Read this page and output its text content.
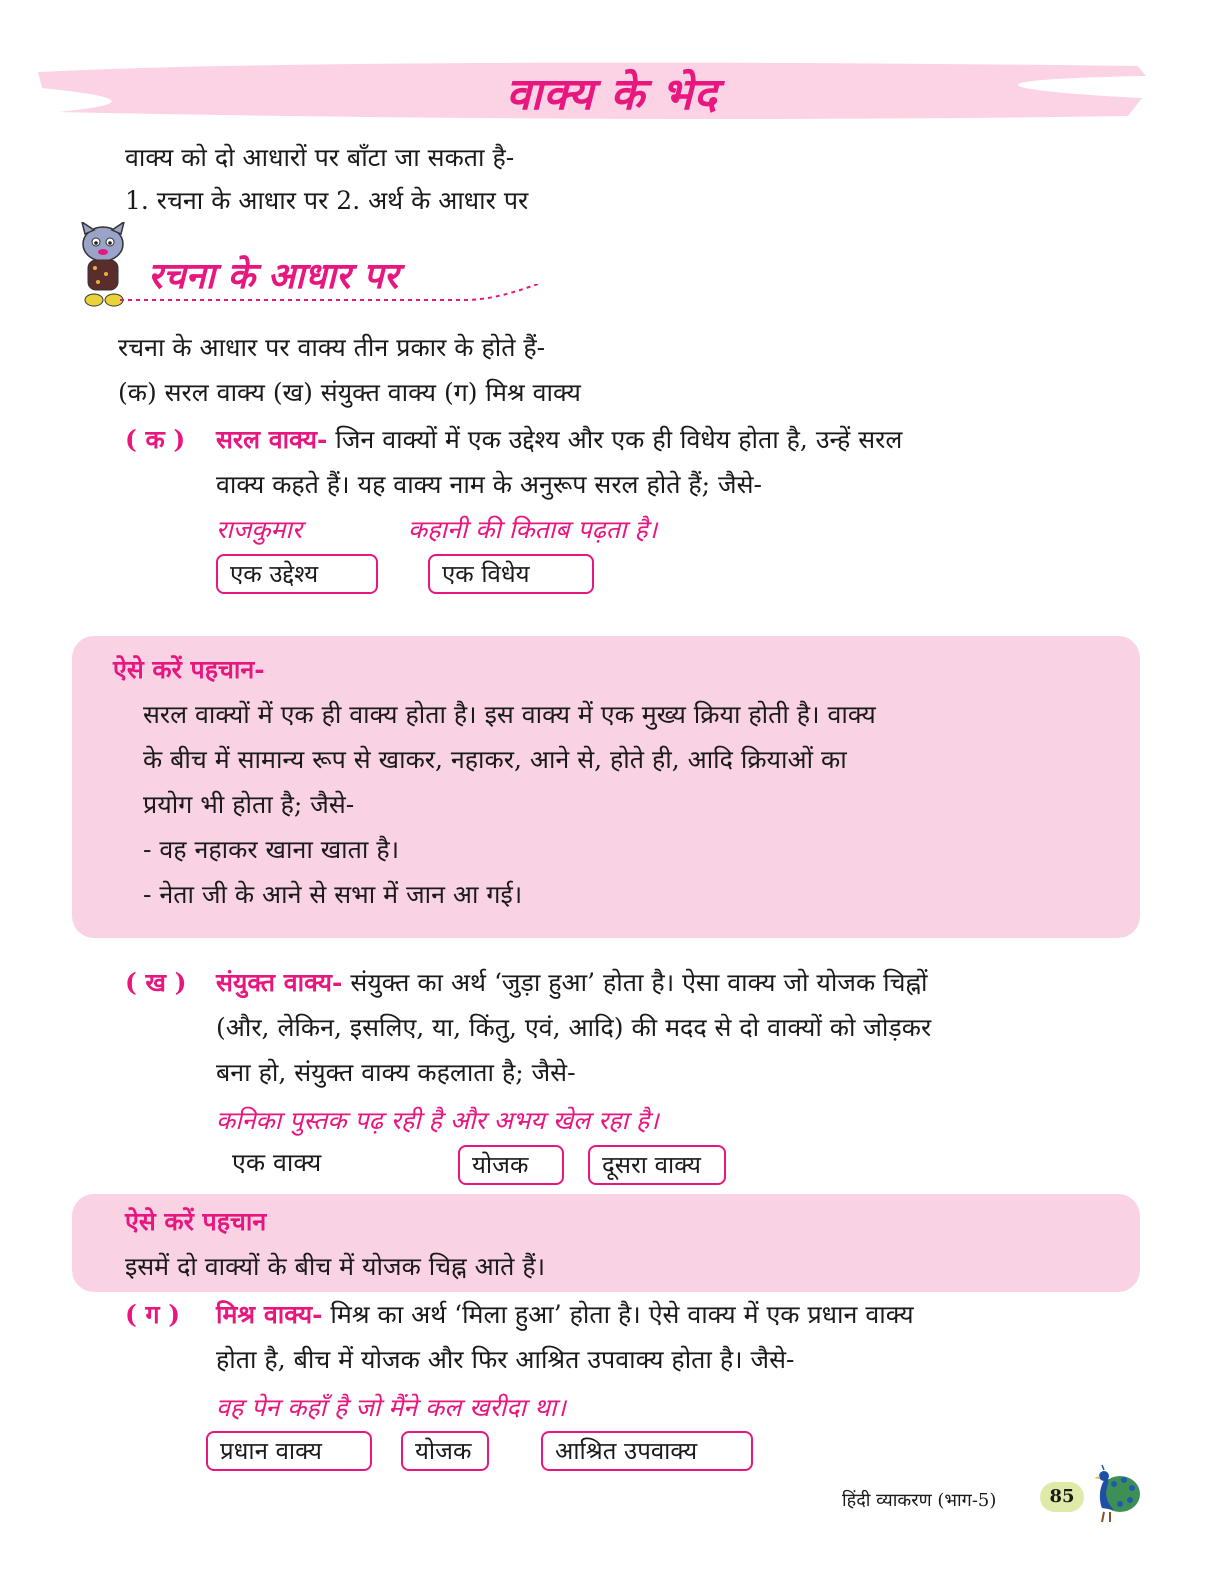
वाक्य के भेद
वाक्य को दो आधारों पर बाँटा जा सकता है-
1. रचना के आधार पर 2. अर्थ के आधार पर
रचना के आधार पर
रचना के आधार पर वाक्य तीन प्रकार के होते हैं-
(क) सरल वाक्य (ख) संयुक्त वाक्य (ग) मिश्र वाक्य
( क ) सरल वाक्य- जिन वाक्यों में एक उद्देश्य और एक ही विधेय होता है, उन्हें सरल
वाक्य कहते हैं। यह वाक्य नाम के अनुरूप सरल होते हैं; जैसे-
राजकुमार	कहानी की किताब पढ़ता है।
एक उद्देश्य	एक विधेय
ऐसे करें पहचान-
सरल वाक्यों में एक ही वाक्य होता है। इस वाक्य में एक मुख्य क्रिया होती है। वाक्य
के बीच में सामान्य रूप से खाकर, नहाकर, आने से, होते ही, आदि क्रियाओं का
प्रयोग भी होता है; जैसे-
- वह नहाकर खाना खाता है।
- नेता जी के आने से सभा में जान आ गई।
( ख ) संयुक्त वाक्य- संयुक्त का अर्थ ‘जुड़ा हुआ’ होता है। ऐसा वाक्य जो योजक चिह्नों
(और, लेकिन, इसलिए, या, किंतु, एवं, आदि) की मदद से दो वाक्यों को जोड़कर
बना हो, संयुक्त वाक्य कहलाता है; जैसे-
कनिका पुस्तक पढ़ रही है और अभय खेल रहा है।
एक वाक्य	योजक	दूसरा वाक्य
ऐसे करें पहचान
इसमें दो वाक्यों के बीच में योजक चिह्न आते हैं।
( ग ) मिश्र वाक्य- मिश्र का अर्थ ‘मिला हुआ’ होता है। ऐसे वाक्य में एक प्रधान वाक्य
होता है, बीच में योजक और फिर आश्रित उपवाक्य होता है। जैसे-
वह पेन कहाँ है जो मैंने कल खरीदा था।
प्रधान वाक्य	योजक	आश्रित उपवाक्य
हिंदी व्याकरण (भाग-5)	85
